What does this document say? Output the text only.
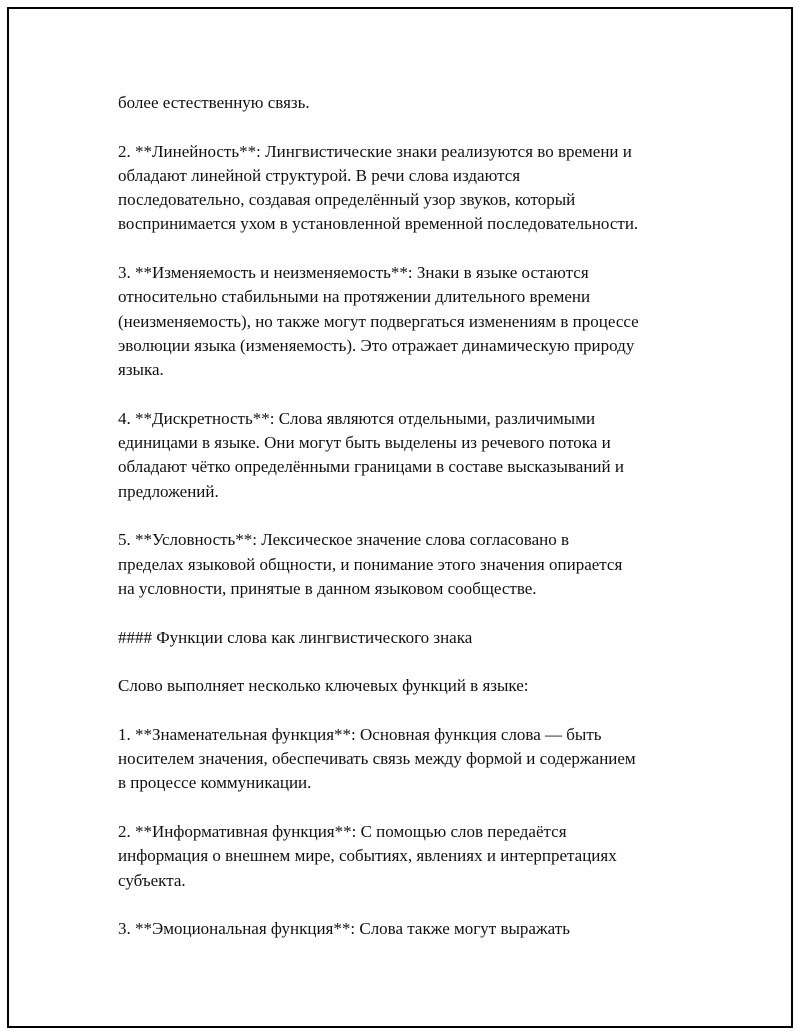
более естественную связь.

2. **Линейность**: Лингвистические знаки реализуются во времени и
обладают линейной структурой. В речи слова издаются
последовательно, создавая определённый узор звуков, который
воспринимается ухом в установленной временной последовательности.

3. **Изменяемость и неизменяемость**: Знаки в языке остаются
относительно стабильными на протяжении длительного времени
(неизменяемость), но также могут подвергаться изменениям в процессе
эволюции языка (изменяемость). Это отражает динамическую природу
языка.

4. **Дискретность**: Слова являются отдельными, различимыми
единицами в языке. Они могут быть выделены из речевого потока и
обладают чётко определёнными границами в составе высказываний и
предложений.

5. **Условность**: Лексическое значение слова согласовано в
пределах языковой общности, и понимание этого значения опирается
на условности, принятые в данном языковом сообществе.

#### Функции слова как лингвистического знака

Слово выполняет несколько ключевых функций в языке:

1. **Знаменательная функция**: Основная функция слова — быть
носителем значения, обеспечивать связь между формой и содержанием
в процессе коммуникации.

2. **Информативная функция**: С помощью слов передаётся
информация о внешнем мире, событиях, явлениях и интерпретациях
субъекта.

3. **Эмоциональная функция**: Слова также могут выражать
